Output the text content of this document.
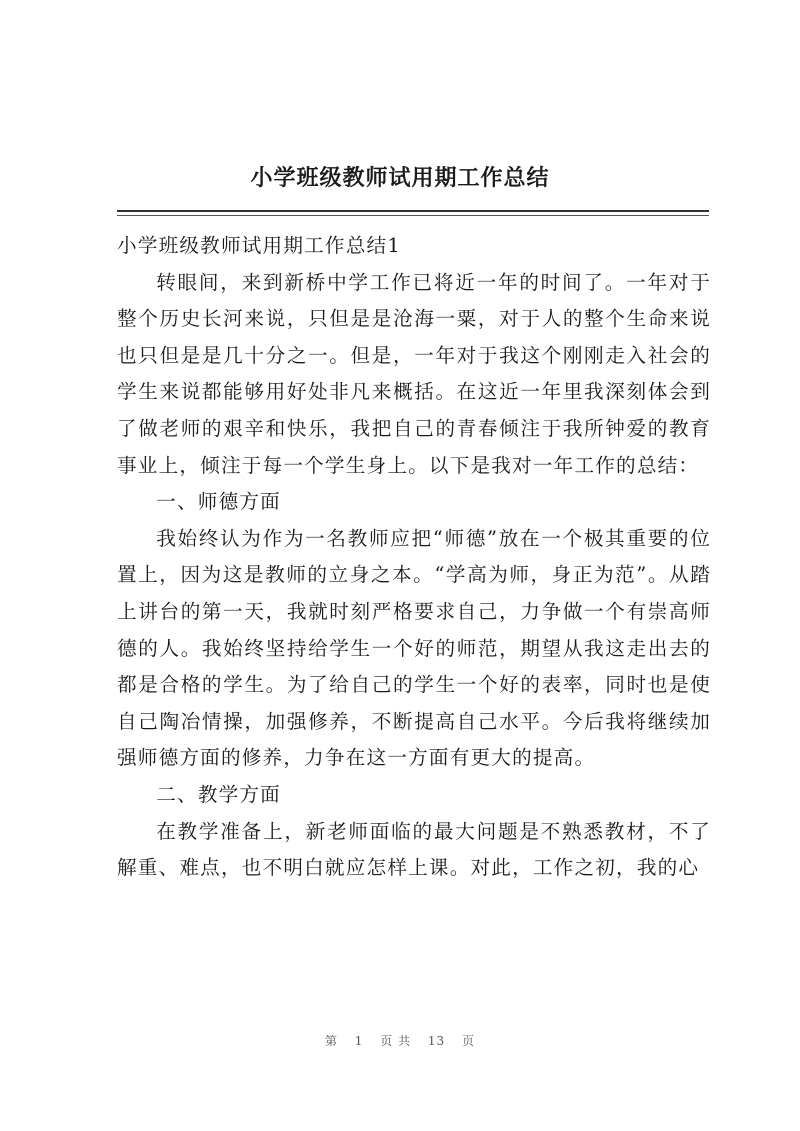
小学班级教师试用期工作总结

小学班级教师试用期工作总结1

转眼间，来到新桥中学工作已将近一年的时间了。一年对于整个历史长河来说，只但是是沧海一粟，对于人的整个生命来说也只但是是几十分之一。但是，一年对于我这个刚刚走入社会的学生来说都能够用好处非凡来概括。在这近一年里我深刻体会到了做老师的艰辛和快乐，我把自己的青春倾注于我所钟爱的教育事业上，倾注于每一个学生身上。以下是我对一年工作的总结：

一、师德方面

我始终认为作为一名教师应把“师德”放在一个极其重要的位置上，因为这是教师的立身之本。“学高为师，身正为范”。从踏上讲台的第一天，我就时刻严格要求自己，力争做一个有崇高师德的人。我始终坚持给学生一个好的师范，期望从我这走出去的都是合格的学生。为了给自己的学生一个好的表率，同时也是使自己陶冶情操，加强修养，不断提高自己水平。今后我将继续加强师德方面的修养，力争在这一方面有更大的提高。

二、教学方面

在教学准备上，新老师面临的最大问题是不熟悉教材，不了解重、难点，也不明白就应怎样上课。对此，工作之初，我的心

第 1 页 共 13 页
